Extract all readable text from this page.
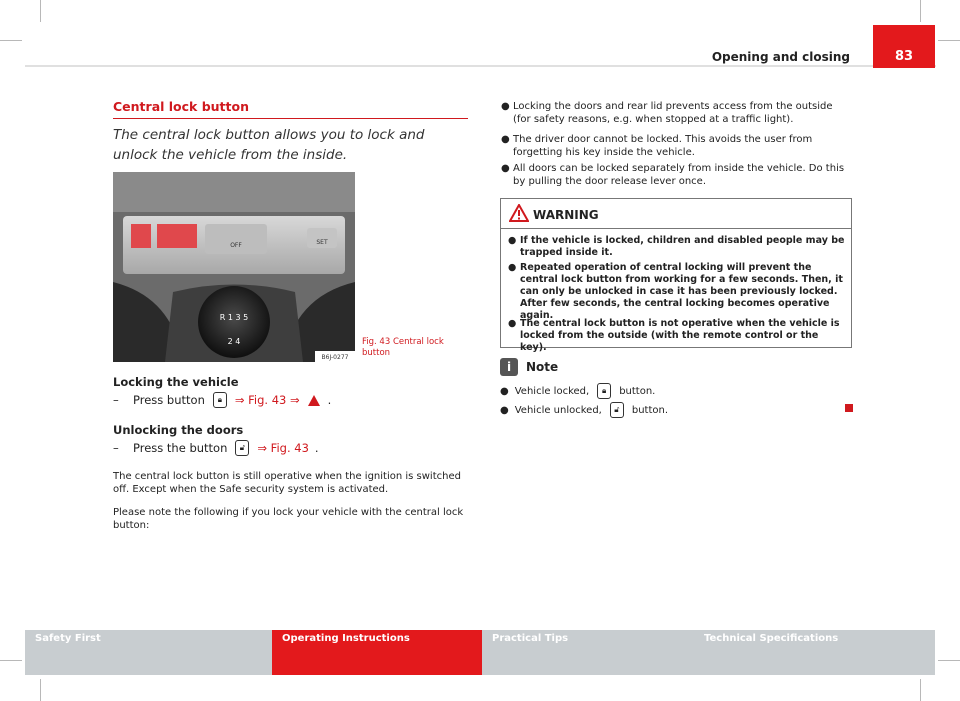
Opening and closing	83
Central lock button
The central lock button allows you to lock and unlock the vehicle from the inside.
OFF	SET
R 1 3 5
2 4
B6J-0277
Fig. 43 Central lock button
Locking the vehicle
–	Press button	🔒︎	⇒ Fig. 43 ⇒ .
Unlocking the doors
–	Press the button	🔓︎	⇒ Fig. 43 .
The central lock button is still operative when the ignition is switched off. Except when the Safe security system is activated.
Please note the following if you lock your vehicle with the central lock button:
● Locking the doors and rear lid prevents access from the outside (for safety reasons, e.g. when stopped at a traffic light).
● The driver door cannot be locked. This avoids the user from forgetting his key inside the vehicle.
● All doors can be locked separately from inside the vehicle. Do this by pulling the door release lever once.
WARNING
● If the vehicle is locked, children and disabled people may be trapped inside it.
● Repeated operation of central locking will prevent the central lock button from working for a few seconds. Then, it can only be unlocked in case it has been previously locked. After few seconds, the central locking becomes operative again.
● The central lock button is not operative when the vehicle is locked from the outside (with the remote control or the key).
i	Note
● Vehicle locked,	🔒︎	button.
● Vehicle unlocked,	🔓︎	button.
Safety First	Operating Instructions	Practical Tips	Technical Specifications
